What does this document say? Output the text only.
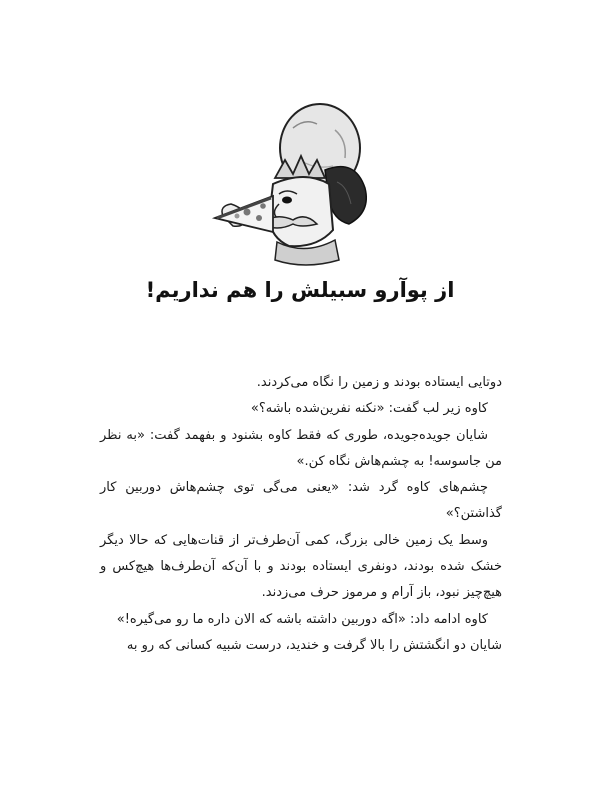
از پوآرو سبیلش را هم نداریم!

دوتایی ایستاده بودند و زمین را نگاه می‌کردند.

کاوه زیر لب گفت: «نکنه نفرین‌شده باشه؟»

شایان جویده‌جویده، طوری که فقط کاوه بشنود و بفهمد گفت: «به نظر من جاسوسه! به چشم‌هاش نگاه کن.»

چشم‌های کاوه گرد شد: «یعنی می‌گی توی چشم‌هاش دوربین کار گذاشتن؟»

وسط یک زمین خالی بزرگ، کمی آن‌طرف‌تر از قنات‌هایی که حالا دیگر خشک شده بودند، دونفری ایستاده بودند و با آن‌که آن‌طرف‌ها هیچ‌کس و هیچ‌چیز نبود، باز آرام و مرموز حرف می‌زدند.

کاوه ادامه داد: «اگه دوربین داشته باشه که الان داره ما رو می‌گیره!»

شایان دو انگشتش را بالا گرفت و خندید، درست شبیه کسانی که رو به
